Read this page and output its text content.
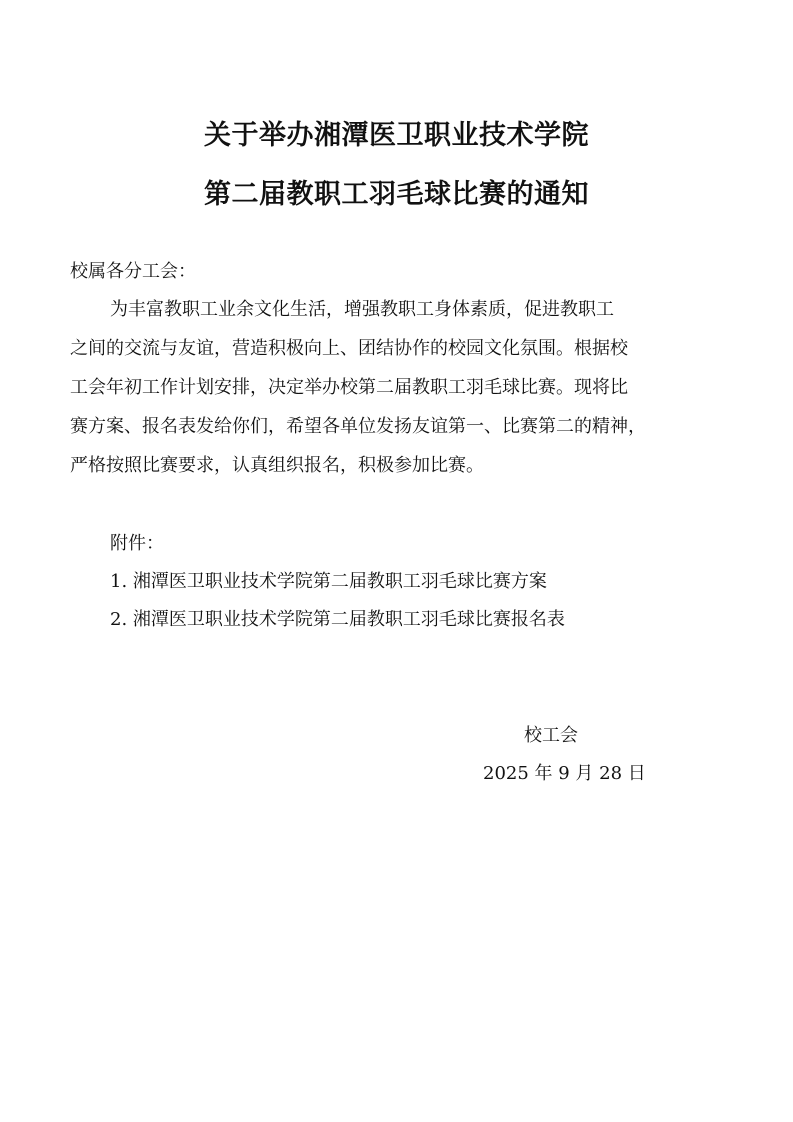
关于举办湘潭医卫职业技术学院
第二届教职工羽毛球比赛的通知
校属各分工会：
为丰富教职工业余文化生活，增强教职工身体素质，促进教职工
之间的交流与友谊，营造积极向上、团结协作的校园文化氛围。根据校
工会年初工作计划安排，决定举办校第二届教职工羽毛球比赛。现将比
赛方案、报名表发给你们，希望各单位发扬友谊第一、比赛第二的精神，
严格按照比赛要求，认真组织报名，积极参加比赛。
附件：
1. 湘潭医卫职业技术学院第二届教职工羽毛球比赛方案
2. 湘潭医卫职业技术学院第二届教职工羽毛球比赛报名表
校工会
2025 年 9 月 28 日
